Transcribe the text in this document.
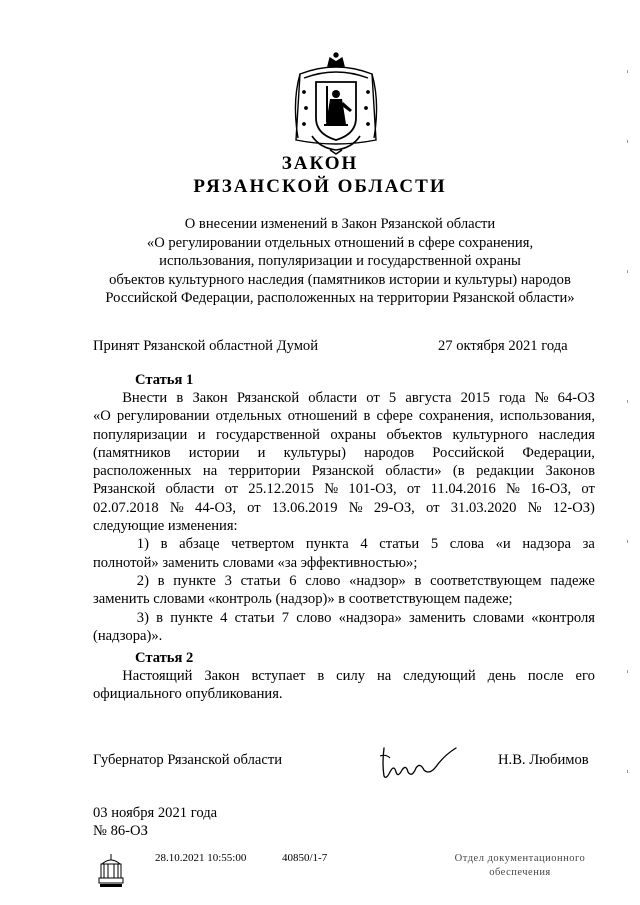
ЗАКОН
РЯЗАНСКОЙ ОБЛАСТИ
О внесении изменений в Закон Рязанской области
«О регулировании отдельных отношений в сфере сохранения,
использования, популяризации и государственной охраны
объектов культурного наследия (памятников истории и культуры) народов
Российской Федерации, расположенных на территории Рязанской области»
Принят Рязанской областной Думой	27 октября 2021 года
Статья 1
  Внести в Закон Рязанской области от 5 августа 2015 года № 64-ОЗ
«О регулировании отдельных отношений в сфере сохранения, использования,
популяризации и государственной охраны объектов культурного наследия
(памятников истории и культуры) народов Российской Федерации,
расположенных на территории Рязанской области» (в редакции Законов
Рязанской области от 25.12.2015 № 101-ОЗ, от 11.04.2016 № 16-ОЗ, от
02.07.2018 № 44-ОЗ, от 13.06.2019 № 29-ОЗ, от 31.03.2020 № 12-ОЗ)
следующие изменения:
   1) в абзаце четвертом пункта 4 статьи 5 слова «и надзора за
полнотой» заменить словами «за эффективностью»;
   2) в пункте 3 статьи 6 слово «надзор» в соответствующем падеже
заменить словами «контроль (надзор)» в соответствующем падеже;
   3) в пункте 4 статьи 7 слово «надзора» заменить словами «контроля
(надзора)».
Статья 2
  Настоящий Закон вступает в силу на следующий день после его
официального опубликования.
Губернатор Рязанской области	Н.В. Любимов
03 ноября 2021 года
№ 86-ОЗ
28.10.2021 10:55:00	40850/1-7	Отдел документационного
обеспечения
